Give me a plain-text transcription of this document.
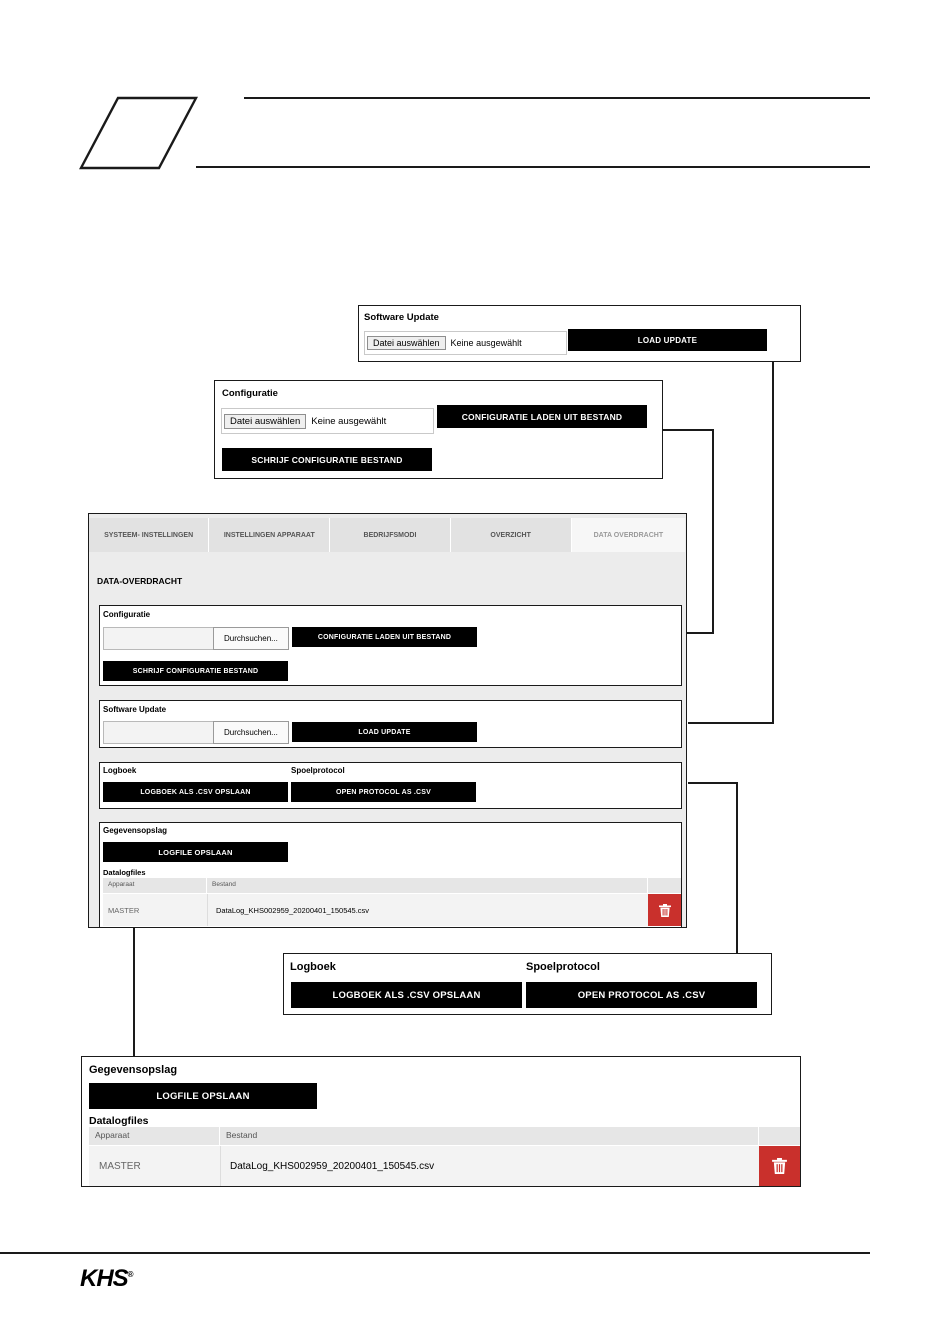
Software Update
Datei auswählen	Keine ausgewählt	LOAD UPDATE
Configuratie
Datei auswählen	Keine ausgewählt	CONFIGURATIE LADEN UIT BESTAND
SCHRIJF CONFIGURATIE BESTAND
SYSTEEM- INSTELLINGEN	INSTELLINGEN APPARAAT	BEDRIJFSMODI	OVERZICHT	DATA OVERDRACHT
DATA-OVERDRACHT
Configuratie
Durchsuchen...	CONFIGURATIE LADEN UIT BESTAND
SCHRIJF CONFIGURATIE BESTAND
Software Update
Durchsuchen...	LOAD UPDATE
Logboek
LOGBOEK ALS .CSV OPSLAAN
Spoelprotocol
OPEN PROTOCOL AS .CSV
Gegevensopslag
LOGFILE OPSLAAN
Datalogfiles
Apparaat	Bestand
MASTER	DataLog_KHS002959_20200401_150545.csv
Logboek
LOGBOEK ALS .CSV OPSLAAN
Spoelprotocol
OPEN PROTOCOL AS .CSV
Gegevensopslag
LOGFILE OPSLAAN
Datalogfiles
Apparaat	Bestand
MASTER	DataLog_KHS002959_20200401_150545.csv
KHS®
